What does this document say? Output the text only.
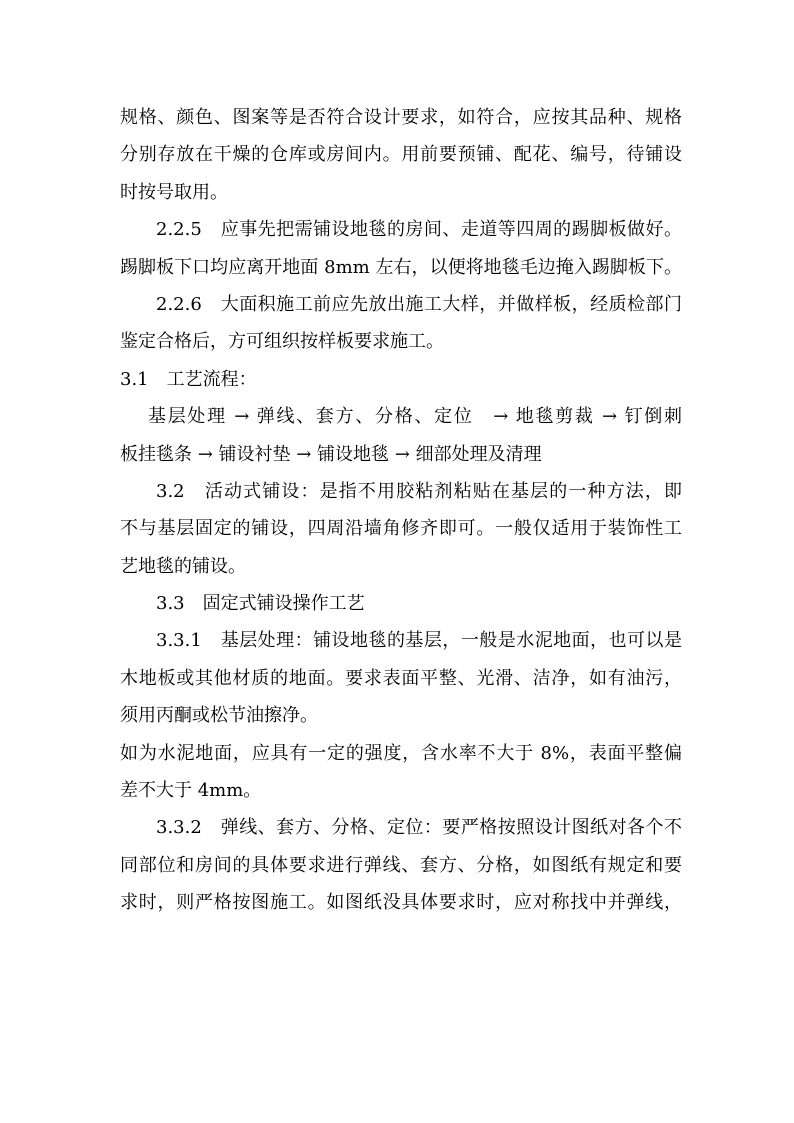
规格、颜色、图案等是否符合设计要求，如符合，应按其品种、规格
分别存放在干燥的仓库或房间内。用前要预铺、配花、编号，待铺设
时按号取用。
2.2.5　应事先把需铺设地毯的房间、走道等四周的踢脚板做好。
踢脚板下口均应离开地面 8mm 左右，以便将地毯毛边掩入踢脚板下。
2.2.6　大面积施工前应先放出施工大样，并做样板，经质检部门
鉴定合格后，方可组织按样板要求施工。
3.1　工艺流程：
基层处理 → 弹线、套方、分格、定位　→ 地毯剪裁 → 钉倒刺
板挂毯条 → 铺设衬垫 → 铺设地毯 → 细部处理及清理
3.2　活动式铺设：是指不用胶粘剂粘贴在基层的一种方法，即
不与基层固定的铺设，四周沿墙角修齐即可。一般仅适用于装饰性工
艺地毯的铺设。
3.3　固定式铺设操作工艺
3.3.1　基层处理：铺设地毯的基层，一般是水泥地面，也可以是
木地板或其他材质的地面。要求表面平整、光滑、洁净，如有油污，
须用丙酮或松节油擦净。
如为水泥地面，应具有一定的强度，含水率不大于 8%，表面平整偏
差不大于 4mm。
3.3.2　弹线、套方、分格、定位：要严格按照设计图纸对各个不
同部位和房间的具体要求进行弹线、套方、分格，如图纸有规定和要
求时，则严格按图施工。如图纸没具体要求时，应对称找中并弹线，
